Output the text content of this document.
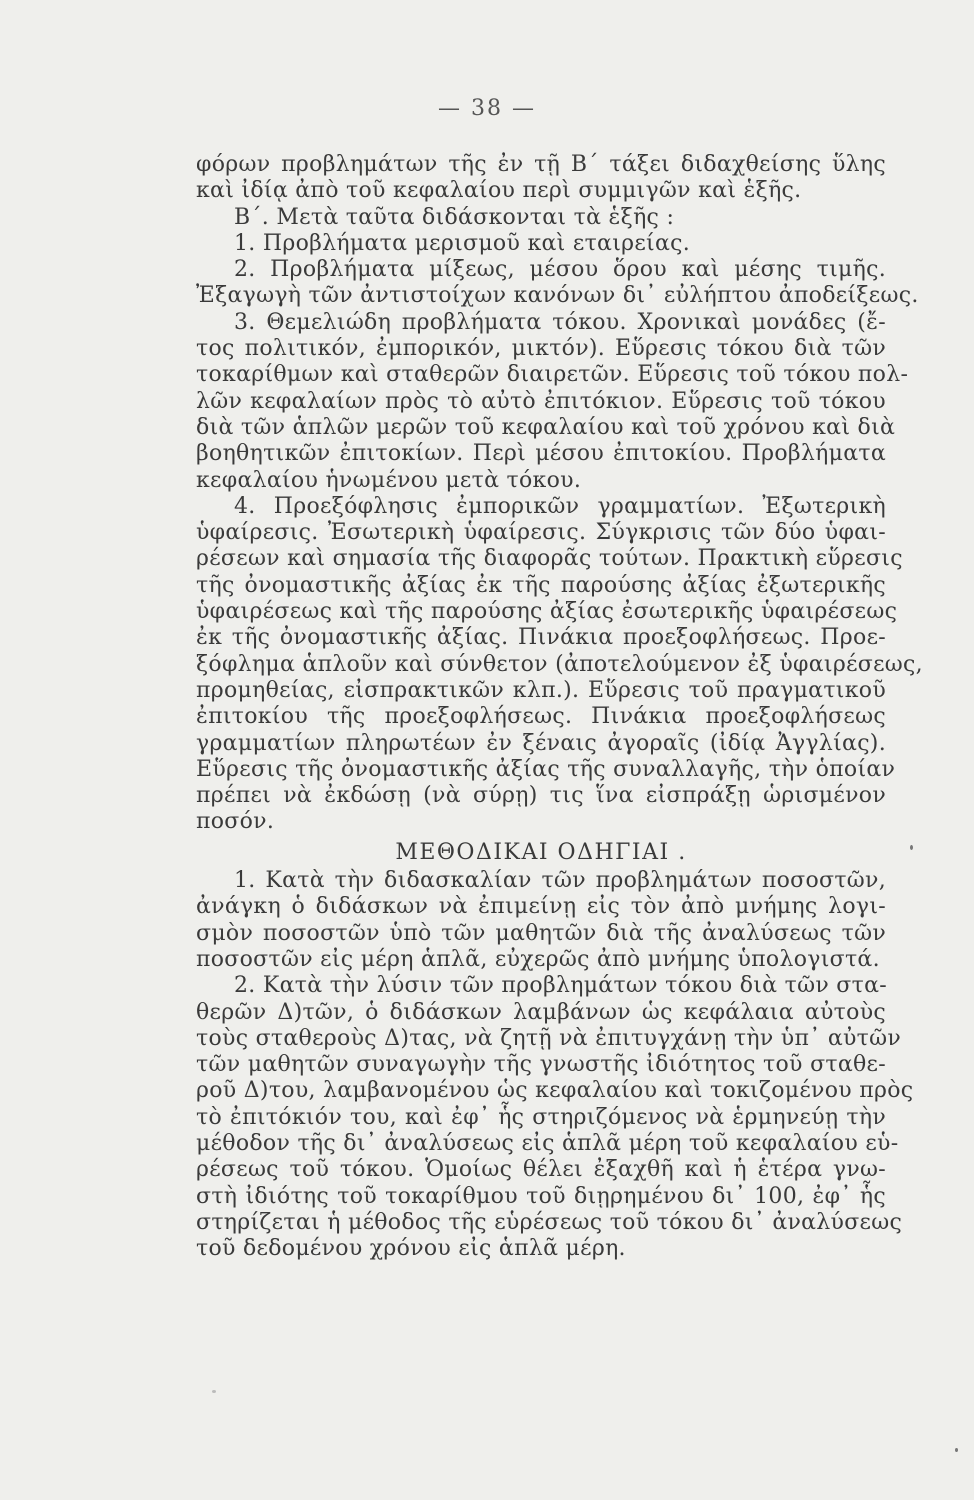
— 38 —
φόρων προβλημάτων τῆς ἐν τῇ Β΄ τάξει διδαχθείσης ὕλης
καὶ ἰδίᾳ ἀπὸ τοῦ κεφαλαίου περὶ συμμιγῶν καὶ ἑξῆς.
Β΄. Μετὰ ταῦτα διδάσκονται τὰ ἑξῆς :
1. Προβλήματα μερισμοῦ καὶ εταιρείας.
2. Προβλήματα μίξεως, μέσου ὅρου καὶ μέσης τιμῆς.
Ἐξαγωγὴ τῶν ἀντιστοίχων κανόνων δι᾽ εὐλήπτου ἀποδείξεως.
3. Θεμελιώδη προβλήματα τόκου. Χρονικαὶ μονάδες (ἔ-
τος πολιτικόν, ἐμπορικόν, μικτόν). Εὕρεσις τόκου διὰ τῶν
τοκαρίθμων καὶ σταθερῶν διαιρετῶν. Εὕρεσις τοῦ τόκου πολ-
λῶν κεφαλαίων πρὸς τὸ αὐτὸ ἐπιτόκιον. Εὕρεσις τοῦ τόκου
διὰ τῶν ἁπλῶν μερῶν τοῦ κεφαλαίου καὶ τοῦ χρόνου καὶ διὰ
βοηθητικῶν ἐπιτοκίων. Περὶ μέσου ἐπιτοκίου. Προβλήματα
κεφαλαίου ἡνωμένου μετὰ τόκου.
4. Προεξόφλησις ἐμπορικῶν γραμματίων. Ἐξωτερικὴ
ὑφαίρεσις. Ἐσωτερικὴ ὑφαίρεσις. Σύγκρισις τῶν δύο ὑφαι-
ρέσεων καὶ σημασία τῆς διαφορᾶς τούτων. Πρακτικὴ εὕρεσις
τῆς ὀνομαστικῆς ἀξίας ἐκ τῆς παρούσης ἀξίας ἐξωτερικῆς
ὑφαιρέσεως καὶ τῆς παρούσης ἀξίας ἐσωτερικῆς ὑφαιρέσεως
ἐκ τῆς ὀνομαστικῆς ἀξίας. Πινάκια προεξοφλήσεως. Προε-
ξόφλημα ἁπλοῦν καὶ σύνθετον (ἀποτελούμενον ἐξ ὑφαιρέσεως,
προμηθείας, εἰσπρακτικῶν κλπ.). Εὕρεσις τοῦ πραγματικοῦ
ἐπιτοκίου τῆς προεξοφλήσεως. Πινάκια προεξοφλήσεως
γραμματίων πληρωτέων ἐν ξέναις ἀγοραῖς (ἰδίᾳ Ἀγγλίας).
Εὕρεσις τῆς ὀνομαστικῆς ἀξίας τῆς συναλλαγῆς, τὴν ὁποίαν
πρέπει νὰ ἐκδώσῃ (νὰ σύρῃ) τις ἵνα εἰσπράξῃ ὡρισμένον
ποσόν.
ΜΕΘΟΔΙΚΑΙ ΟΔΗΓΙΑΙ .
1. Κατὰ τὴν διδασκαλίαν τῶν προβλημάτων ποσοστῶν,
ἀνάγκη ὁ διδάσκων νὰ ἐπιμείνῃ εἰς τὸν ἀπὸ μνήμης λογι-
σμὸν ποσοστῶν ὑπὸ τῶν μαθητῶν διὰ τῆς ἀναλύσεως τῶν
ποσοστῶν εἰς μέρη ἁπλᾶ, εὐχερῶς ἀπὸ μνήμης ὑπολογιστά.
2. Κατὰ τὴν λύσιν τῶν προβλημάτων τόκου διὰ τῶν στα-
θερῶν Δ)τῶν, ὁ διδάσκων λαμβάνων ὡς κεφάλαια αὐτοὺς
τοὺς σταθεροὺς Δ)τας, νὰ ζητῇ νὰ ἐπιτυγχάνῃ τὴν ὑπ᾽ αὐτῶν
τῶν μαθητῶν συναγωγὴν τῆς γνωστῆς ἰδιότητος τοῦ σταθε-
ροῦ Δ)του, λαμβανομένου ὡς κεφαλαίου καὶ τοκιζομένου πρὸς
τὸ ἐπιτόκιόν του, καὶ ἐφ᾽ ἧς στηριζόμενος νὰ ἑρμηνεύῃ τὴν
μέθοδον τῆς δι᾽ ἀναλύσεως εἰς ἁπλᾶ μέρη τοῦ κεφαλαίου εὑ-
ρέσεως τοῦ τόκου. Ὁμοίως θέλει ἐξαχθῆ καὶ ἡ ἑτέρα γνω-
στὴ ἰδιότης τοῦ τοκαρίθμου τοῦ διῃρημένου δι᾽ 100, ἐφ᾽ ἧς
στηρίζεται ἡ μέθοδος τῆς εὑρέσεως τοῦ τόκου δι᾽ ἀναλύσεως
τοῦ δεδομένου χρόνου εἰς ἁπλᾶ μέρη.
